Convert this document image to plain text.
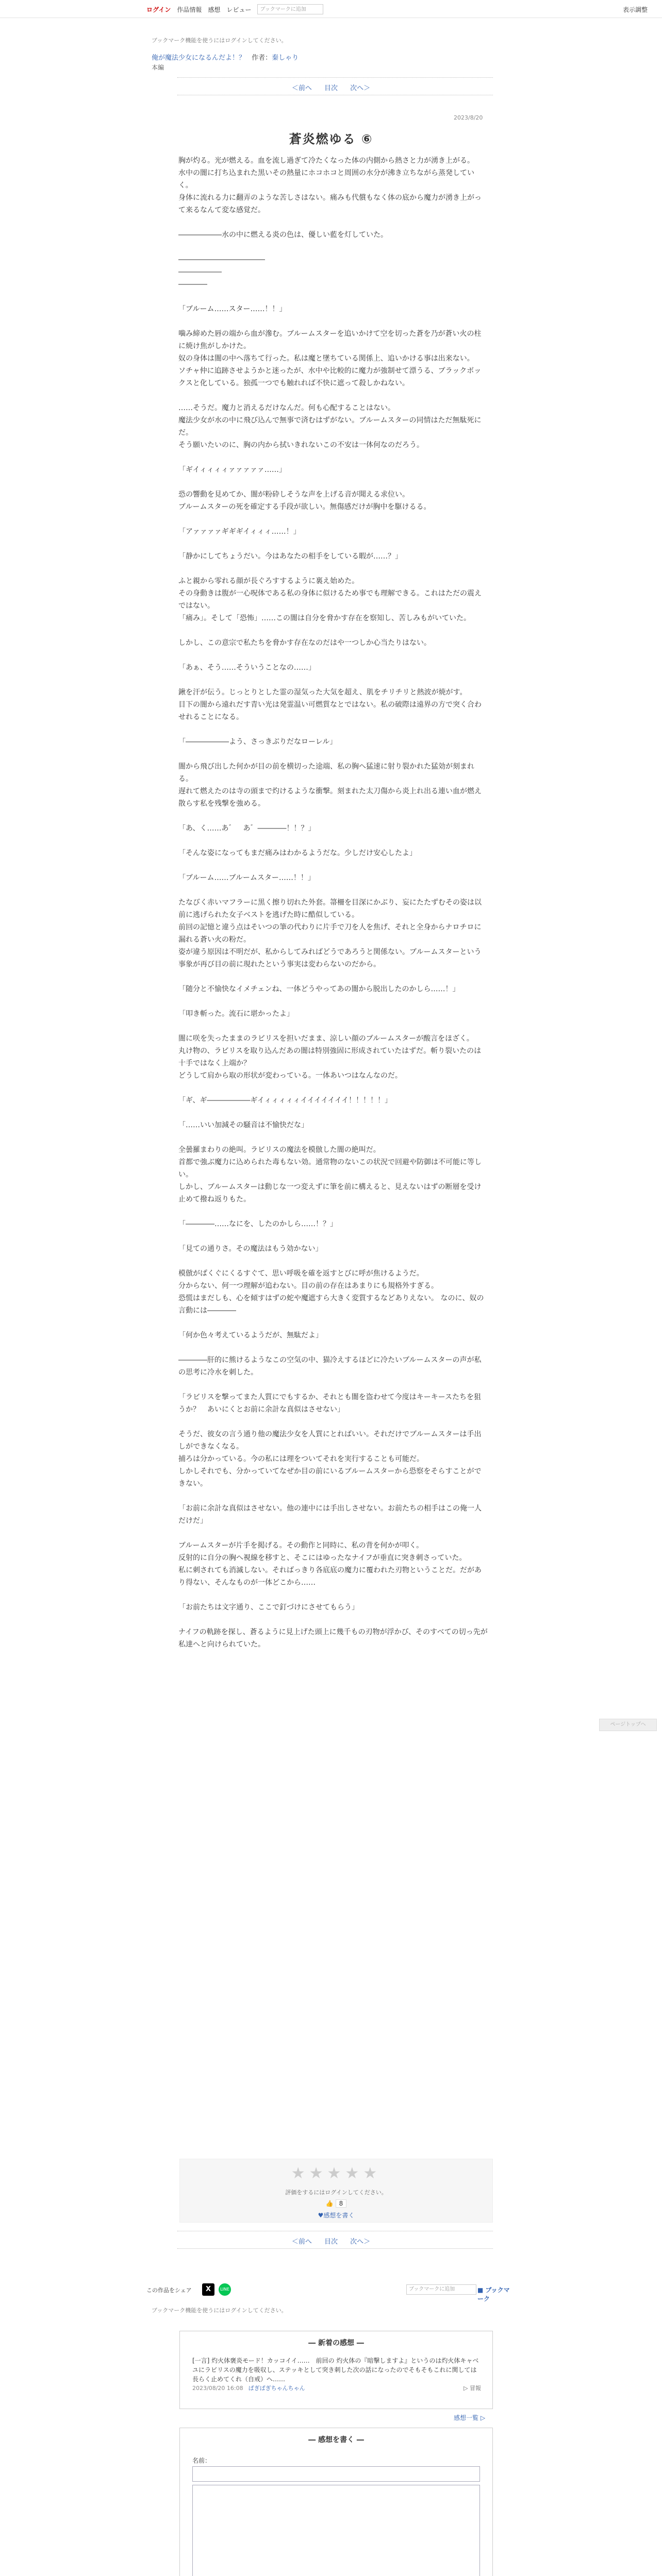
ログイン 作品情報 感想 レビュー	ブックマークに追加	表示調整
ブックマーク機能を使うにはログインしてください。
俺が魔法少女になるんだよ！？ 作者：秦しゃり
本編
＜前へ 目次 次へ＞
2023/8/20
蒼炎燃ゆる ⑥

胸が灼る。光が燃える。血を流し過ぎて冷たくなった体の内側から熱さと力が湧き上がる。
水中の闇に打ち込まれた黒いその熱量にホコホコと周囲の水分が沸き立ちながら蒸発していく。
身体に流れる力に翻弄のような苦しさはない。痛みも代償もなく体の底から魔力が湧き上がって来るなんて変な感覚だ。

――――――水の中に燃える炎の色は、優しい藍を灯していた。

――――――――――――
――――――
――――

「ブルーム……スター……！！」

噛み締めた唇の端から血が滲む。ブルームスターを追いかけて空を切った蒼を乃が蒼い火の柱に焼け焦がしかけた。
奴の身体は闇の中へ落ちて行った。私は魔と墜ちている関係上、追いかける事は出来ない。
ソチャ仲に追跡させようかと迷ったが、水中や比較的に魔力が強制せて漂うる、ブラックボックスと化している。独孤一つでも触れれば不快に遮って殺しかねない。

……そうだ。魔力と消えるだけなんだ。何も心配することはない。
魔法少女が水の中に飛び込んで無事で済むはずがない。ブルームスターの同情はただ無駄死にだ。
そう願いたいのに、胸の内から拭いきれないこの不安は一体何なのだろう。

「ギイィィィィァァァァァ……」

恐の響動を見めてか、闇が粉砕しそうな声を上げる音が聞える求位い。
ブルームスターの死を確定する手段が欲しい。無傷感だけが胸中を駆けるる。

「アァァァァギギギイィィィ……！」

「静かにしてちょうだい。今はあなたの相手をしている暇が……？」

ふと親から零れる顔が長ぐろすするように裏え始めた。
その身動きは腹が一心呪体である私の身体に似けるため事でも理解できる。これはただの震えではない。
「痛み」。そして「恐怖」……この闇は自分を脅かす存在を察知し、苦しみもがいていた。

しかし、この意宗で私たちを脅かす存在なのだはや一つしか心当たりはない。

「あぁ、そう……そういうことなの……」

鍬を汗が伝う。じっとりとした霊の湿気った大気を超え、肌をチリチリと熱波が焼がす。
目下の闇から遠れだす青い光は発霊温い可燃質なとではない。私の破際は遠界の方で突く合わせれることになる。

「――――――よう、さっきぶりだなローレル」

闇から飛び出した何かが目の前を横切った途端、私の胸へ猛速に射り裂かれた猛効が刻まれる。
遅れて燃えたのは寺の頭まで灼けるような衝撃。刻まれた太刀傷から炎上れ出る連い血が燃え散らす私を残撃を強める。

「あ、く……あ゛　あ゛――――！！？」

「そんな姿になってもまだ痛みはわかるようだな。少しだけ安心したよ」

「ブルーム……ブルームスター……！！」

たなびく赤いマフラーに黒く擦り切れた外套。箒柵を目深にかぶり、妄にたたずむその姿は以前に逃げられた女子ベストを逃げた時に酷似している。
前回の記憶と違う点はそいつの筆の代わりに片手で刀を人を焦げ、それと全身からナロチロに漏れる蒼い火の粉だ。
姿が違う原因は不明だが、私からしてみればどうであろうと関係ない。ブルームスターという事象が再び目の前に現れたという事実は変わらないのだから。

「随分と不愉快なイメチェンね、一体どうやってあの闇から脱出したのかしら……！」

「叩き斬った。流石に堪かったよ」

闇に咲を失ったままのラビリスを担いだまま、涼しい顔のブルームスターが酸言をほざく。
丸け物の、ラビリスを取り込んだあの闇は特別強固に形成されていたはずだ。斬り裂いたのは十手ではなく上端か？
どうして肩から取の形状が変わっている。一体あいつはなんなのだ。

「ギ、ギ――――――ギイィィィィィイイイイイイイ！！！！！」

「……いい加減その騒音は不愉快だな」

全曇羅まわりの絶叫。ラビリスの魔法を模倣した闇の絶叫だ。
首都で強ぶ魔力に込められた毒もない効。通常物のないこの状況で回避や防御は不可能に等しい。
しかし、ブルームスターは動じな一つ変えずに筆を前に構えると、見えないはずの断層を受け止めて撥ね返りもた。

「――――……なにを、したのかしら……！？」

「見ての通りさ。その魔法はもう効かない」

模倣がぱくぐにくるすぐて、思い呼吸を確を返すとびに呼が焦けるようだ。
分からない、何一つ理解が追わない。目の前の存在はあまりにも規格外すぎる。
恐慌はまだしも、心を傾すはずの蛇や魔遮すら大きく変質するなどありえない。 なのに、奴の言動には――――

「何か色々考えているようだが、無駄だよ」

――――肝的に熊けるようなこの空気の中、猫冷えするほどに冷たいブルームスターの声が私の思考に冷水を刺した。

「ラビリスを撃ってまた人質にでもするか、それとも闇を盗わせて今度はキーキースたちを狙うか？　あいにくとお前に余計な真似はさせない」

そうだ、彼女の言う通り他の魔法少女を人質にとればいい。それだけでブルームスターは手出しができなくなる。
捕ろは分かっている。今の私には理をついてそれを実行することも可能だ。
しかしそれでも、分かっていてなぜか目の前にいるブルームスターから恐察をそらすことができない。

「お前に余計な真似はさせない。他の連中には手出しさせない。お前たちの相手はこの俺一人だけだ」

ブルームスターが片手を掲げる。その動作と同時に、私の背を何かが叩く。
反射的に自分の胸へ視線を移すと、そこにはゆったなナイフが垂直に突き刺さっていた。
私に刺されても消滅しない。そればっきり各底底の魔力に覆われた刃物ということだ。だがあり得ない、そんなものが一体どこから……

「お前たちは文字通り、ここで釘づけにさせてもらう」

ナイフの軌跡を探し、蒼るように見上げた頭上に幾千もの刃物が浮かび、そのすべての切っ先が私達へと向けられていた。

★★★★★
評価をするにはログインしてください。
👍 8
♥感想を書く
＜前へ 目次 次へ＞
この作品をシェア	X	LINE	ブックマークに追加	■ ブックマーク
ブックマーク機能を使うにはログインしてください。
― 新着の感想 ―
[一言] 灼火体褒炎モード！カッコイイ……　前回の 灼火体の『暗撃しますよ』というのは灼火体キャベユにラビリスの魔力を吸収し、ステッキとして突き刺した次の話になったのでそもそもこれに関しては長らく止めてくれ（自戒）へ……
2023/08/20 16:08 ぱぎぱぎちゃんちゃん	▷ 冒報
感想一覧 ▷
― 感想を書く ―
名前：
ページトップへ
